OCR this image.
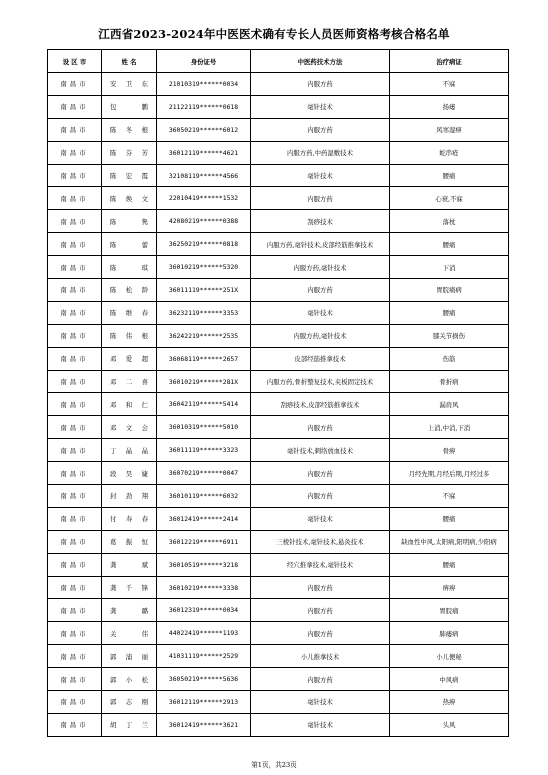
江西省2023-2024年中医医术确有专长人员医师资格考核合格名单
设 区 市	姓 名	身份证号	中医药技术方法	治疗病证
南昌市	安卫东	21010319******0034	内服方药	不寐
南昌市	包鹏	21122119******0618	毫针技术	扬痿
南昌市	陈冬根	36050219******6012	内服方药	风寒湿痹
南昌市	陈芬芳	36012119******4621	内服方药,中药湿敷技术	蛇串疮
南昌市	陈宏霞	32108119******4566	毫针技术	腰痛
南昌市	陈焕文	22010419******1532	内服方药	心衰,不寐
南昌市	陈隽	42080219******0388	刮痧技术	落枕
南昌市	陈蕾	36250219******0818	内服方药,毫针技术,皮部经筋推拿技术	腰痛
南昌市	陈琪	36010219******5320	内服方药,毫针技术	下消
南昌市	陈松龄	36011119******251X	内服方药	胃脘痛病
南昌市	陈维春	36232119******3353	毫针技术	腰痛
南昌市	陈伟根	36242219******2535	内服方药,毫针技术	膝关节损伤
南昌市	邓爱超	36068119******2657	皮部经筋推拿技术	伤筋
南昌市	邓二喜	36010219******281X	内服方药,骨折整复技术,夹板固定技术	骨折病
南昌市	邓和仁	36042119******5414	刮痧技术,皮部经筋推拿技术	漏肩风
南昌市	邓文会	36010319******5010	内服方药	上消,中消,下消
南昌市	丁晶晶	36011119******3323	毫针技术,刺络放血技术	骨痹
南昌市	段昊婕	36070219******0047	内服方药	月经先期,月经后期,月经过多
南昌市	封劲翔	36010119******6032	内服方药	不寐
南昌市	付寿春	36012419******2414	毫针技术	腰痛
南昌市	葛振恒	36012219******6911	三棱针技术,毫针技术,悬灸技术	缺血性中风,太阳病,阳明病,少阳病
南昌市	龚斌	36010519******3218	经穴推拿技术,毫针技术	腰痛
南昌市	龚千锋	36010219******3338	内服方药	痹痹
南昌市	龚璐	36012319******0034	内服方药	胃脘痛
南昌市	关伟	44022419******1193	内服方药	肺痿病
南昌市	郭浦丽	41031119******2529	小儿推拿技术	小儿便秘
南昌市	郭小松	36050219******5636	内服方药	中风病
南昌市	郭志刚	36012119******2913	毫针技术	热痹
南昌市	胡丁兰	36012419******3621	毫针技术	头风
第1页，共23页
